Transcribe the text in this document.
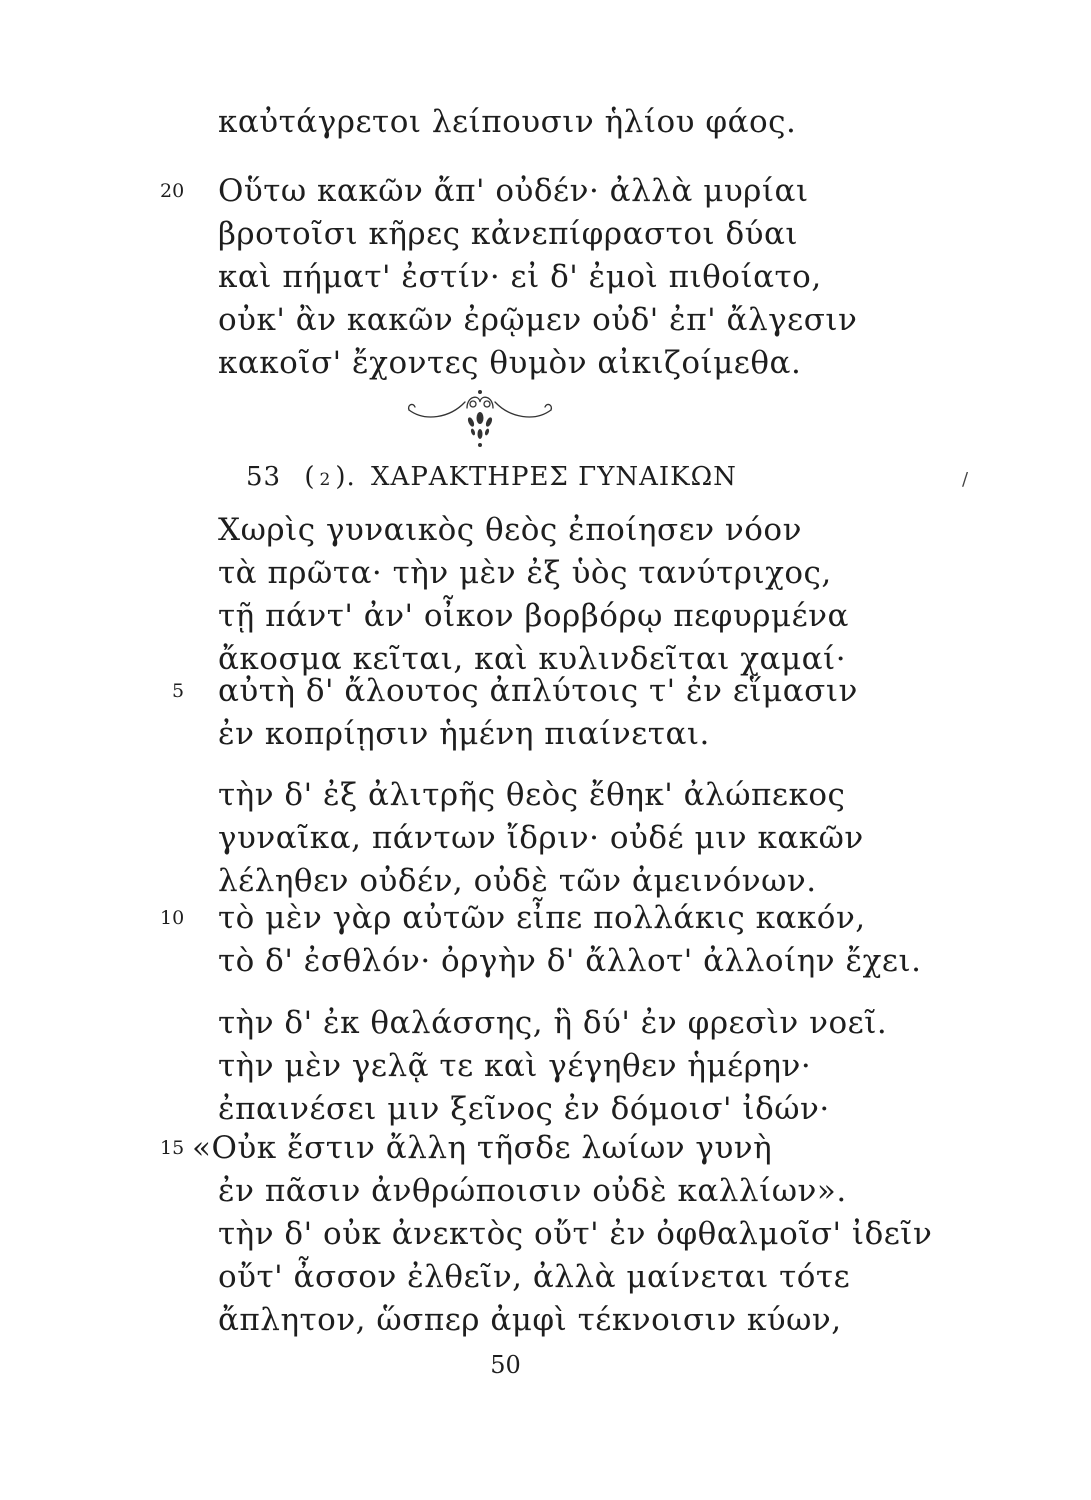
καὐτάγρετοι λείπουσιν ἡλίου φάος.
20 Οὕτω κακῶν ἄπ' οὐδέν· ἀλλὰ μυρίαι
βροτοῖσι κῆρες κἀνεπίφραστοι δύαι
καὶ πήματ' ἐστίν· εἰ δ' ἐμοὶ πιθοίατο,
οὐκ' ἂν κακῶν ἐρῷμεν οὐδ' ἐπ' ἄλγεσιν
κακοῖσ' ἔχοντες θυμὸν αἰκιζοίμεθα.
53 ( 2 ). ΧΑΡΑΚΤΗΡΕΣ ΓΥΝΑΙΚΩΝ	/
Χωρὶς γυναικὸς θεὸς ἐποίησεν νόον
τὰ πρῶτα· τὴν μὲν ἐξ ὑὸς τανύτριχος,
τῇ πάντ' ἀν' οἶκον βορβόρῳ πεφυρμένα
ἄκοσμα κεῖται, καὶ κυλινδεῖται χαμαί·
5 αὐτὴ δ' ἄλουτος ἀπλύτοις τ' ἐν εἵμασιν
ἐν κοπρίῃσιν ἡμένη πιαίνεται.
τὴν δ' ἐξ ἀλιτρῆς θεὸς ἔθηκ' ἀλώπεκος
γυναῖκα, πάντων ἴδριν· οὐδέ μιν κακῶν
λέληθεν οὐδέν, οὐδὲ τῶν ἀμεινόνων.
10 τὸ μὲν γὰρ αὐτῶν εἶπε πολλάκις κακόν,
τὸ δ' ἐσθλόν· ὀργὴν δ' ἄλλοτ' ἀλλοίην ἔχει.
τὴν δ' ἐκ θαλάσσης, ἣ δύ' ἐν φρεσὶν νοεῖ.
τὴν μὲν γελᾷ τε καὶ γέγηθεν ἡμέρην·
ἐπαινέσει μιν ξεῖνος ἐν δόμοισ' ἰδών·
15 «Οὐκ ἔστιν ἄλλη τῆσδε λωίων γυνὴ
ἐν πᾶσιν ἀνθρώποισιν οὐδὲ καλλίων».
τὴν δ' οὐκ ἀνεκτὸς οὔτ' ἐν ὀφθαλμοῖσ' ἰδεῖν
οὔτ' ἆσσον ἐλθεῖν, ἀλλὰ μαίνεται τότε
ἄπλητον, ὥσπερ ἀμφὶ τέκνοισιν κύων,
50
